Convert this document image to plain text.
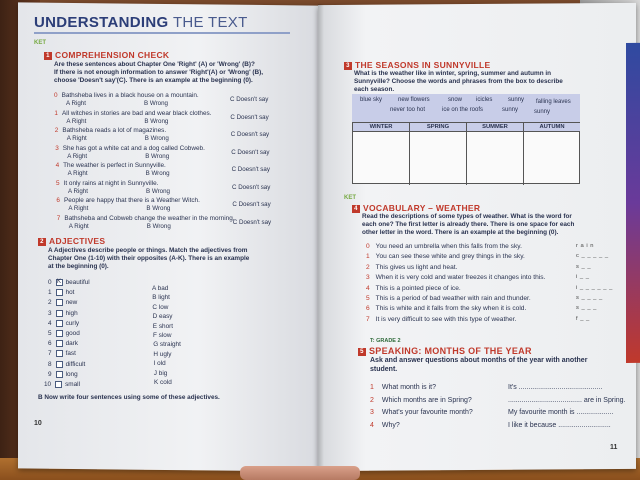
UNDERSTANDING THE TEXT
KET
1 COMPREHENSION CHECK
Are these sentences about Chapter One 'Right' (A) or 'Wrong' (B)?
If there is not enough information to answer 'Right'(A) or 'Wrong' (B),
choose 'Doesn't say'(C). There is an example at the beginning (0).
0 Bathsheba lives in a black house on a mountain.
A Right	B Wrong
C Doesn't say
1 All witches in stories are bad and wear black clothes.
A Right	B Wrong
C Doesn't say
2 Bathsheba reads a lot of magazines.
A Right	B Wrong
C Doesn't say
3 She has got a white cat and a dog called Cobweb.
A Right	B Wrong
C Doesn't say
4 The weather is perfect in Sunnyville.
A Right	B Wrong
C Doesn't say
5 It only rains at night in Sunnyville.
A Right	B Wrong
C Doesn't say
6 People are happy that there is a Weather Witch.
A Right	B Wrong
C Doesn't say
7 Bathsheba and Cobweb change the weather in the morning.
A Right	B Wrong
C Doesn't say
2 ADJECTIVES
A Adjectives describe people or things. Match the adjectives from
Chapter One (1-10) with their opposites (A-K). There is an example
at the beginning (0).
0 K beautiful
1 hot
2 new
3 high
4 curly
5 good
6 dark
7 fast
8 difficult
9 long
10 small
A bad
B light
C low
D easy
E short
F slow
G straight
H ugly
I old
J big
K cold
B Now write four sentences using some of these adjectives.
10
3 THE SEASONS IN SUNNYVILLE
What is the weather like in winter, spring, summer and autumn in
Sunnyville? Choose the words and phrases from the box to describe
each season.
blue sky	new flowers	snow icicles	sunny falling leaves
never too hot	ice on the roofs	sunny	sunny
WINTER	SPRING	SUMMER	AUTUMN
KET
4 VOCABULARY – WEATHER
Read the descriptions of some types of weather. What is the word for
each one? The first letter is already there. There is one space for each
other letter in the word. There is an example at the beginning (0).
0 You need an umbrella when this falls from the sky.	r a i n
1 You can see these white and grey things in the sky.	c _ _ _ _ _
2 This gives us light and heat.	s _ _
3 When it is very cold and water freezes it changes into this.	i _ _
4 This is a pointed piece of ice.	i _ _ _ _ _ _
5 This is a period of bad weather with rain and thunder.	s _ _ _ _
6 This is white and it falls from the sky when it is cold.	s _ _ _
7 It is very difficult to see with this type of weather.	f _ _
T: GRADE 2
5 SPEAKING: MONTHS OF THE YEAR
Ask and answer questions about months of the year with another
student.
1 What month is it?	It's ...........................................
2 Which months are in Spring?	...................................... are in Spring.
3 What's your favourite month?	My favourite month is ...................
4 Why?	I like it because ...........................
11
